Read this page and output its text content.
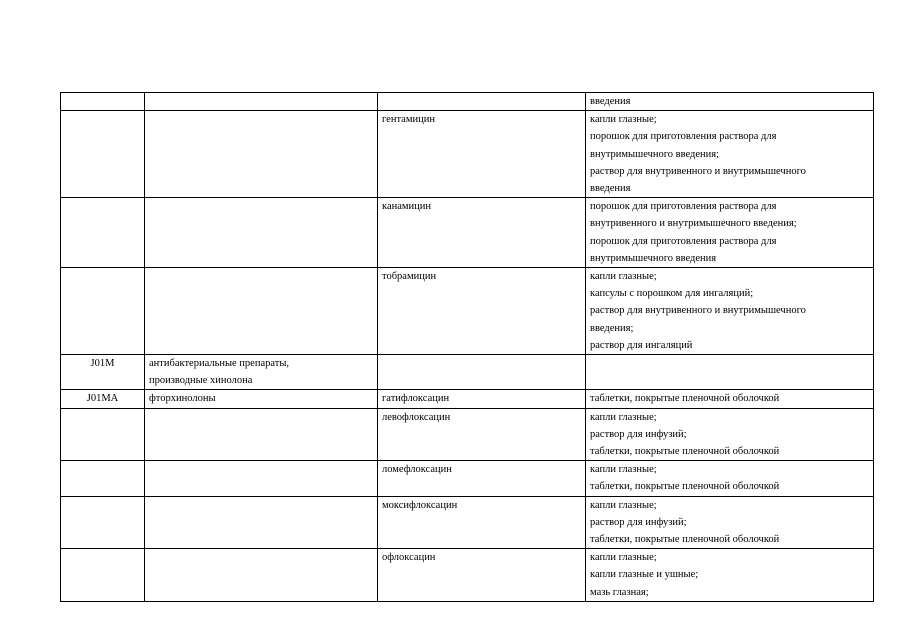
			введения

		гентамицин	капли глазные;
порошок для приготовления раствора для
внутримышечного введения;
раствор для внутривенного и внутримышечного
введения

		канамицин	порошок для приготовления раствора для
внутривенного и внутримышечного введения;
порошок для приготовления раствора для
внутримышечного введения

		тобрамицин	капли глазные;
капсулы с порошком для ингаляций;
раствор для внутривенного и внутримышечного
введения;
раствор для ингаляций

J01M	антибактериальные препараты,
производные хинолона		

J01MA	фторхинолоны	гатифлоксацин	таблетки, покрытые пленочной оболочкой

		левофлоксацин	капли глазные;
раствор для инфузий;
таблетки, покрытые пленочной оболочкой

		ломефлоксацин	капли глазные;
таблетки, покрытые пленочной оболочкой

		моксифлоксацин	капли глазные;
раствор для инфузий;
таблетки, покрытые пленочной оболочкой

		офлоксацин	капли глазные;
капли глазные и ушные;
мазь глазная;
